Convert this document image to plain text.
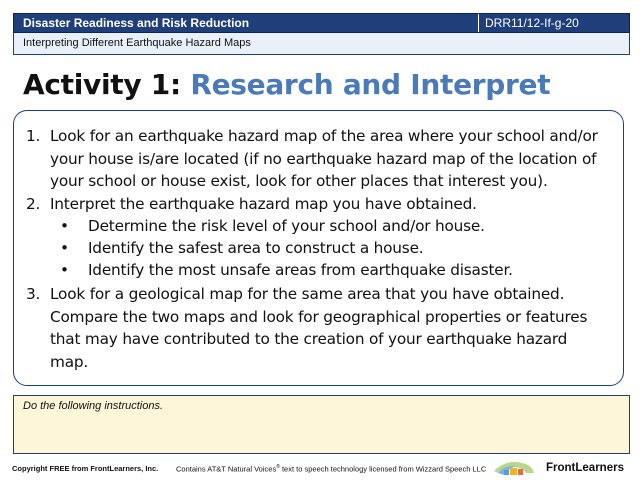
Disaster Readiness and Risk Reduction	DRR11/12-If-g-20
Interpreting Different Earthquake Hazard Maps
Activity 1: Research and Interpret
1. Look for an earthquake hazard map of the area where your school and/or
your house is/are located (if no earthquake hazard map of the location of
your school or house exist, look for other places that interest you).
2. Interpret the earthquake hazard map you have obtained.
• Determine the risk level of your school and/or house.
• Identify the safest area to construct a house.
• Identify the most unsafe areas from earthquake disaster.
3. Look for a geological map for the same area that you have obtained.
Compare the two maps and look for geographical properties or features
that may have contributed to the creation of your earthquake hazard
map.
Do the following instructions.
Copyright FREE from FrontLearners, Inc. Contains AT&T Natural Voices® text to speech technology licensed from Wizzard Speech LLC	FrontLearners
